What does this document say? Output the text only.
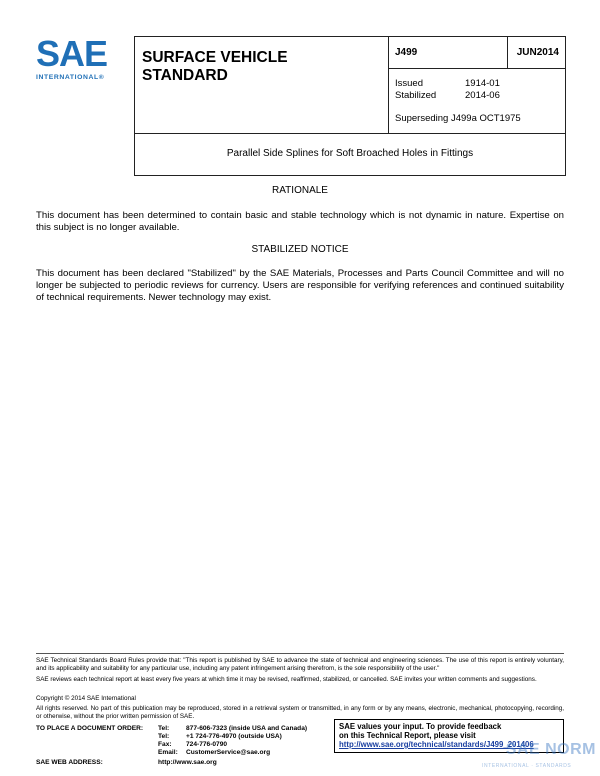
SAE
INTERNATIONAL®
SURFACE VEHICLE
STANDARD
J499	JUN2014
Issued	1914-01
Stabilized	2014-06
Superseding J499a OCT1975
Parallel Side Splines for Soft Broached Holes in Fittings
RATIONALE
This document has been determined to contain basic and stable technology which is not dynamic in nature. Expertise on this subject is no longer available.
STABILIZED NOTICE
This document has been declared "Stabilized" by the SAE Materials, Processes and Parts Council Committee and will no longer be subjected to periodic reviews for currency. Users are responsible for verifying references and continued suitability of technical requirements. Newer technology may exist.
SAE Technical Standards Board Rules provide that: "This report is published by SAE to advance the state of technical and engineering sciences. The use of this report is entirely voluntary, and its applicability and suitability for any particular use, including any patent infringement arising therefrom, is the sole responsibility of the user."
SAE reviews each technical report at least every five years at which time it may be revised, reaffirmed, stabilized, or cancelled. SAE invites your written comments and suggestions.
Copyright © 2014 SAE International
All rights reserved. No part of this publication may be reproduced, stored in a retrieval system or transmitted, in any form or by any means, electronic, mechanical, photocopying, recording, or otherwise, without the prior written permission of SAE.
TO PLACE A DOCUMENT ORDER: Tel:	877-606-7323 (inside USA and Canada)
Tel:	+1 724-776-4970 (outside USA)
Fax: 724-776-0790
Email: CustomerService@sae.org
SAE WEB ADDRESS:	http://www.sae.org
SAE values your input. To provide feedback
on this Technical Report, please visit
http://www.sae.org/technical/standards/J499_201406
SAE NORM
INTERNATIONAL · STANDARDS
